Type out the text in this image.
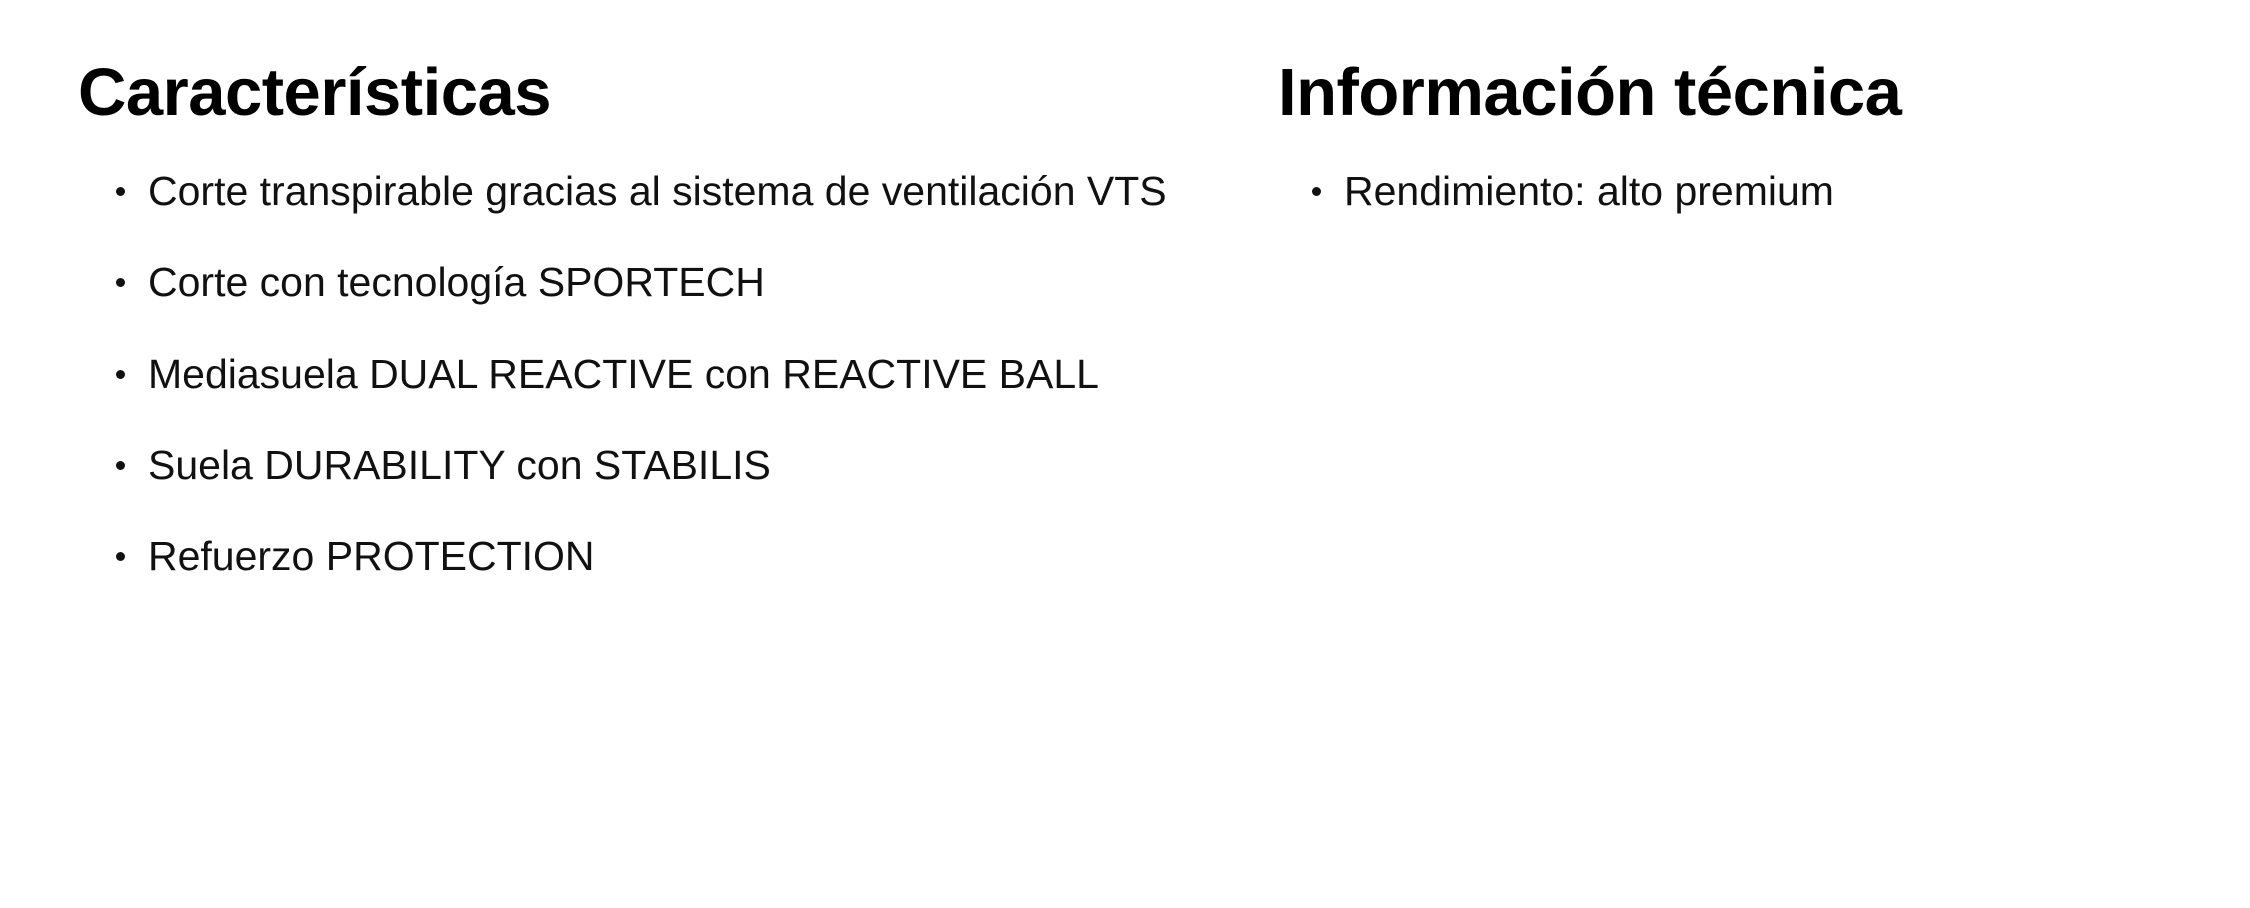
Características
Corte transpirable gracias al sistema de ventilación VTS
Corte con tecnología SPORTECH
Mediasuela DUAL REACTIVE con REACTIVE BALL
Suela DURABILITY con STABILIS
Refuerzo PROTECTION
Información técnica
Rendimiento: alto premium
